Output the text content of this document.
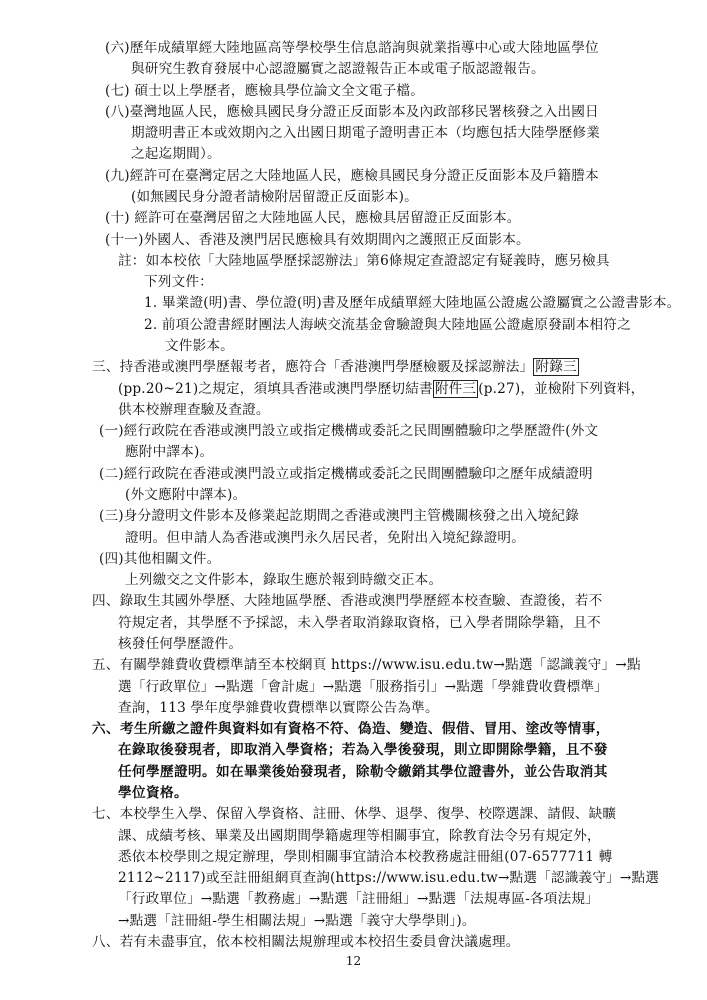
(六)歷年成績單經大陸地區高等學校學生信息諮詢與就業指導中心或大陸地區學位
與研究生教育發展中心認證屬實之認證報告正本或電子版認證報告。
(七) 碩士以上學歷者，應檢具學位論文全文電子檔。
(八)臺灣地區人民，應檢具國民身分證正反面影本及內政部移民署核發之入出國日
期證明書正本或效期內之入出國日期電子證明書正本（均應包括大陸學歷修業
之起迄期間）。
(九)經許可在臺灣定居之大陸地區人民，應檢具國民身分證正反面影本及戶籍謄本
(如無國民身分證者請檢附居留證正反面影本)。
(十) 經許可在臺灣居留之大陸地區人民，應檢具居留證正反面影本。
(十一)外國人、香港及澳門居民應檢具有效期間內之護照正反面影本。
註：如本校依「大陸地區學歷採認辦法」第6條規定查證認定有疑義時，應另檢具
下列文件：
1. 畢業證(明)書、學位證(明)書及歷年成績單經大陸地區公證處公證屬實之公證書影本。
2. 前項公證書經財團法人海峽交流基金會驗證與大陸地區公證處原發副本相符之
文件影本。
三、持香港或澳門學歷報考者，應符合「香港澳門學歷檢覈及採認辦法」 附錄三
(pp.20~21)之規定，須填具香港或澳門學歷切結書 附件三 (p.27)，並檢附下列資料，
供本校辦理查驗及查證。
(一)經行政院在香港或澳門設立或指定機構或委託之民間團體驗印之學歷證件(外文
應附中譯本)。
(二)經行政院在香港或澳門設立或指定機構或委託之民間團體驗印之歷年成績證明
(外文應附中譯本)。
(三)身分證明文件影本及修業起訖期間之香港或澳門主管機關核發之出入境紀錄
證明。但申請人為香港或澳門永久居民者，免附出入境紀錄證明。
(四)其他相關文件。
上列繳交之文件影本，錄取生應於報到時繳交正本。
四、錄取生其國外學歷、大陸地區學歷、香港或澳門學歷經本校查驗、查證後，若不
符規定者，其學歷不予採認，未入學者取消錄取資格，已入學者開除學籍，且不
核發任何學歷證件。
五、有關學雜費收費標準請至本校網頁 https://www.isu.edu.tw→點選「認識義守」→點
選「行政單位」→點選「會計處」→點選「服務指引」→點選「學雜費收費標準」
查詢，113 學年度學雜費收費標準以實際公告為準。
六、考生所繳之證件與資料如有資格不符、偽造、變造、假借、冒用、塗改等情事，
在錄取後發現者，即取消入學資格；若為入學後發現，則立即開除學籍，且不發
任何學歷證明。如在畢業後始發現者，除勒令繳銷其學位證書外，並公告取消其
學位資格。
七、本校學生入學、保留入學資格、註冊、休學、退學、復學、校際選課、請假、缺曠
課、成績考核、畢業及出國期間學籍處理等相關事宜，除教育法令另有規定外，
悉依本校學則之規定辦理，學則相關事宜請洽本校教務處註冊組(07-6577711 轉
2112~2117)或至註冊組網頁查詢(https://www.isu.edu.tw→點選「認識義守」→點選
「行政單位」→點選「教務處」→點選「註冊組」→點選「法規專區-各項法規」
→點選「註冊組-學生相關法規」→點選「義守大學學則」)。
八、若有未盡事宜，依本校相關法規辦理或本校招生委員會決議處理。
12
